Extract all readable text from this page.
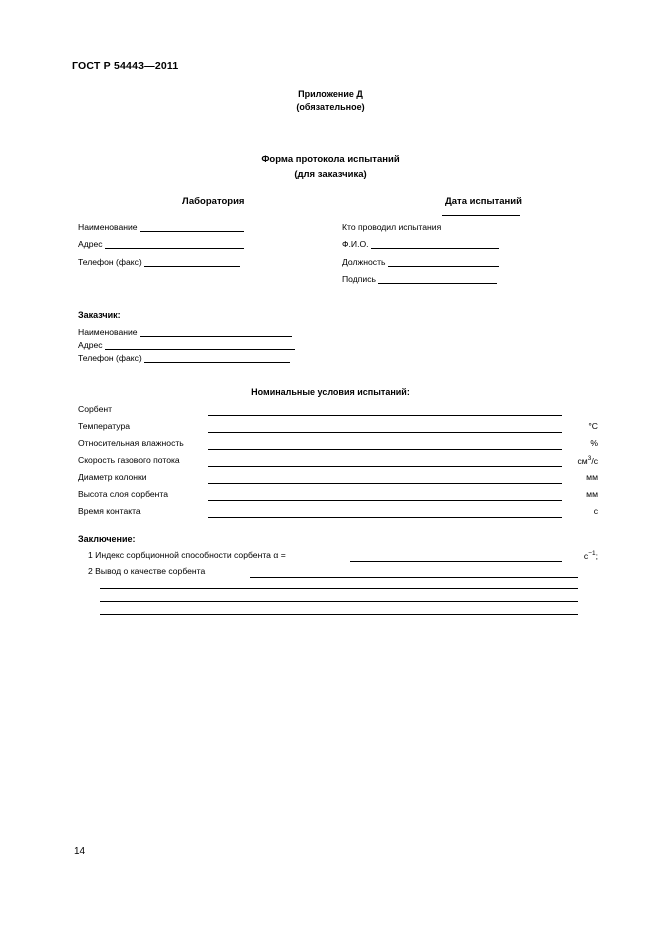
ГОСТ Р 54443—2011
Приложение Д
(обязательное)
Форма протокола испытаний
(для заказчика)
Лаборатория	Дата испытаний
Наименование
Адрес
Телефон (факс)
Кто проводил испытания
Ф.И.О.
Должность
Подпись
Заказчик:
Наименование
Адрес
Телефон (факс)
Номинальные условия испытаний:
Сорбент
Температура	°С
Относительная влажность	%
Скорость газового потока	$см^3/с$
Диаметр колонки	мм
Высота слоя сорбента	мм
Время контакта	с
Заключение:
1 Индекс сорбционной способности сорбента α =	$с^{-1}$;
2 Вывод о качестве сорбента
14
